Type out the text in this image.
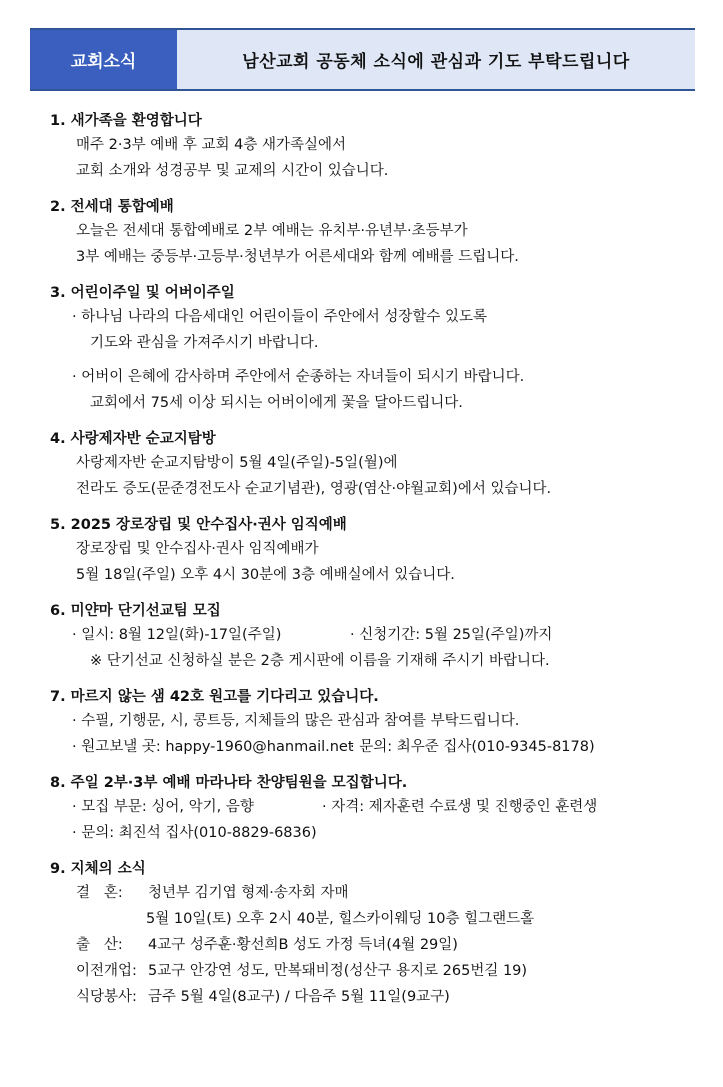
교회소식	남산교회 공동체 소식에 관심과 기도 부탁드립니다
1. 새가족을 환영합니다
매주 2·3부 예배 후 교회 4층 새가족실에서
교회 소개와 성경공부 및 교제의 시간이 있습니다.
2. 전세대 통합예배
오늘은 전세대 통합예배로 2부 예배는 유치부·유년부·초등부가
3부 예배는 중등부·고등부·청년부가 어른세대와 함께 예배를 드립니다.
3. 어린이주일 및 어버이주일
· 하나님 나라의 다음세대인 어린이들이 주안에서 성장할수 있도록
기도와 관심을 가져주시기 바랍니다.
· 어버이 은혜에 감사하며 주안에서 순종하는 자녀들이 되시기 바랍니다.
교회에서 75세 이상 되시는 어버이에게 꽃을 달아드립니다.
4. 사랑제자반 순교지탐방
사랑제자반 순교지탐방이 5월 4일(주일)-5일(월)에
전라도 증도(문준경전도사 순교기념관), 영광(염산·야월교회)에서 있습니다.
5. 2025 장로장립 및 안수집사·권사 임직예배
장로장립 및 안수집사·권사 임직예배가
5월 18일(주일) 오후 4시 30분에 3층 예배실에서 있습니다.
6. 미얀마 단기선교팀 모집
· 일시: 8월 12일(화)-17일(주일)	· 신청기간: 5월 25일(주일)까지
※ 단기선교 신청하실 분은 2층 게시판에 이름을 기재해 주시기 바랍니다.
7. 마르지 않는 샘 42호 원고를 기다리고 있습니다.
· 수필, 기행문, 시, 콩트등, 지체들의 많은 관심과 참여를 부탁드립니다.
· 원고보낼 곳: happy-1960@hanmail.net
· 문의: 최우준 집사(010-9345-8178)
8. 주일 2부·3부 예배 마라나타 찬양팀원을 모집합니다.
· 모집 부문: 싱어, 악기, 음향	· 자격: 제자훈련 수료생 및 진행중인 훈련생
· 문의: 최진석 집사(010-8829-6836)
9. 지체의 소식
결   혼: 청년부 김기엽 형제·송자회 자매
5월 10일(토) 오후 2시 40분, 힐스카이웨딩 10층 힐그랜드홀
출   산: 4교구 성주훈·황선희B 성도 가정 득녀(4월 29일)
이전개업: 5교구 안강연 성도, 만복돼비정(성산구 용지로 265번길 19)
식당봉사: 금주 5월 4일(8교구) / 다음주 5월 11일(9교구)
